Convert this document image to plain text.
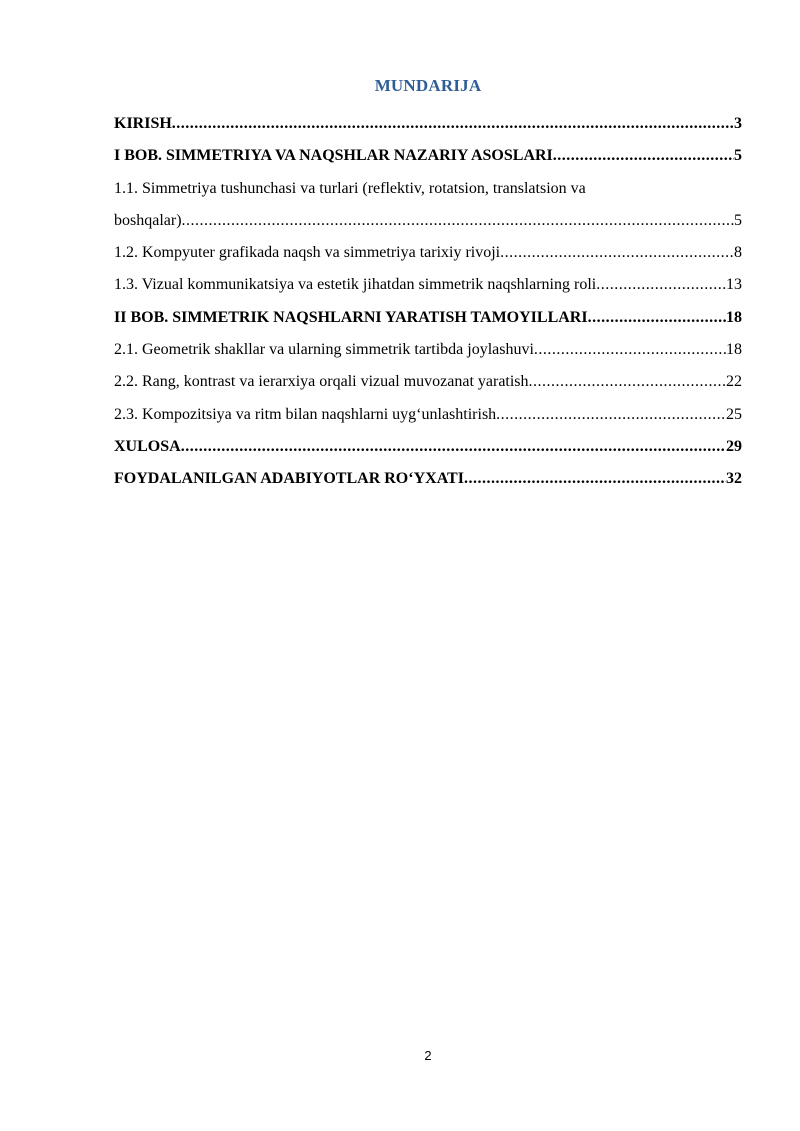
MUNDARIJA
KIRISH .....	3
I BOB. SIMMETRIYA VA NAQSHLAR NAZARIY ASOSLARI .....	5
1.1. Simmetriya tushunchasi va turlari (reflektiv, rotatsion, translatsion va
boshqalar) .....	5
1.2. Kompyuter grafikada naqsh va simmetriya tarixiy rivoji .....	8
1.3. Vizual kommunikatsiya va estetik jihatdan simmetrik naqshlarning roli .....	13
II BOB. SIMMETRIK NAQSHLARNI YARATISH TAMOYILLARI .....	18
2.1. Geometrik shakllar va ularning simmetrik tartibda joylashuvi .....	18
2.2. Rang, kontrast va ierarxiya orqali vizual muvozanat yaratish .....	22
2.3. Kompozitsiya va ritm bilan naqshlarni uyg‘unlashtirish .....	25
XULOSA .....	29
FOYDALANILGAN ADABIYOTLAR RO‘YXATI .....	32
2
